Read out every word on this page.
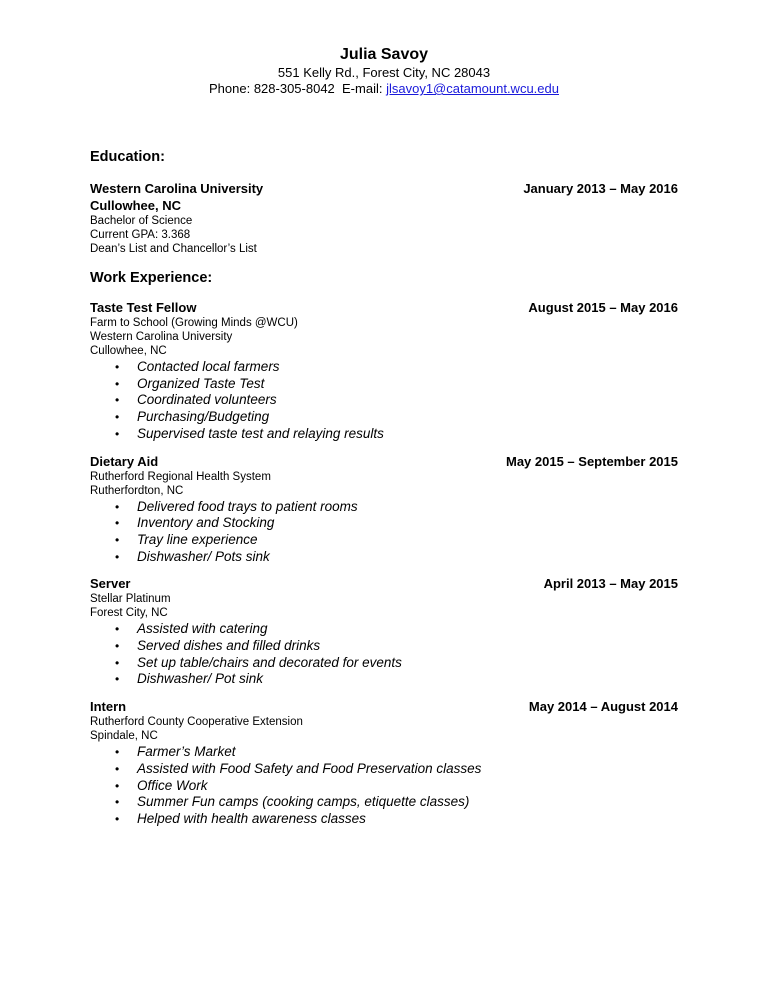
Julia Savoy
551 Kelly Rd., Forest City, NC 28043
Phone: 828-305-8042  E-mail: jlsavoy1@catamount.wcu.edu
Education:
Western Carolina University	January 2013 – May 2016
Cullowhee, NC
Bachelor of Science
Current GPA: 3.368
Dean’s List and Chancellor’s List
Work Experience:
Taste Test Fellow	August 2015 – May 2016
Farm to School (Growing Minds @WCU)
Western Carolina University
Cullowhee, NC
• Contacted local farmers
• Organized Taste Test
• Coordinated volunteers
• Purchasing/Budgeting
• Supervised taste test and relaying results
Dietary Aid	May 2015 – September 2015
Rutherford Regional Health System
Rutherfordton, NC
• Delivered food trays to patient rooms
• Inventory and Stocking
• Tray line experience
• Dishwasher/ Pots sink
Server	April 2013 – May 2015
Stellar Platinum
Forest City, NC
• Assisted with catering
• Served dishes and filled drinks
• Set up table/chairs and decorated for events
• Dishwasher/ Pot sink
Intern	May 2014 – August 2014
Rutherford County Cooperative Extension
Spindale, NC
• Farmer’s Market
• Assisted with Food Safety and Food Preservation classes
• Office Work
• Summer Fun camps (cooking camps, etiquette classes)
• Helped with health awareness classes
